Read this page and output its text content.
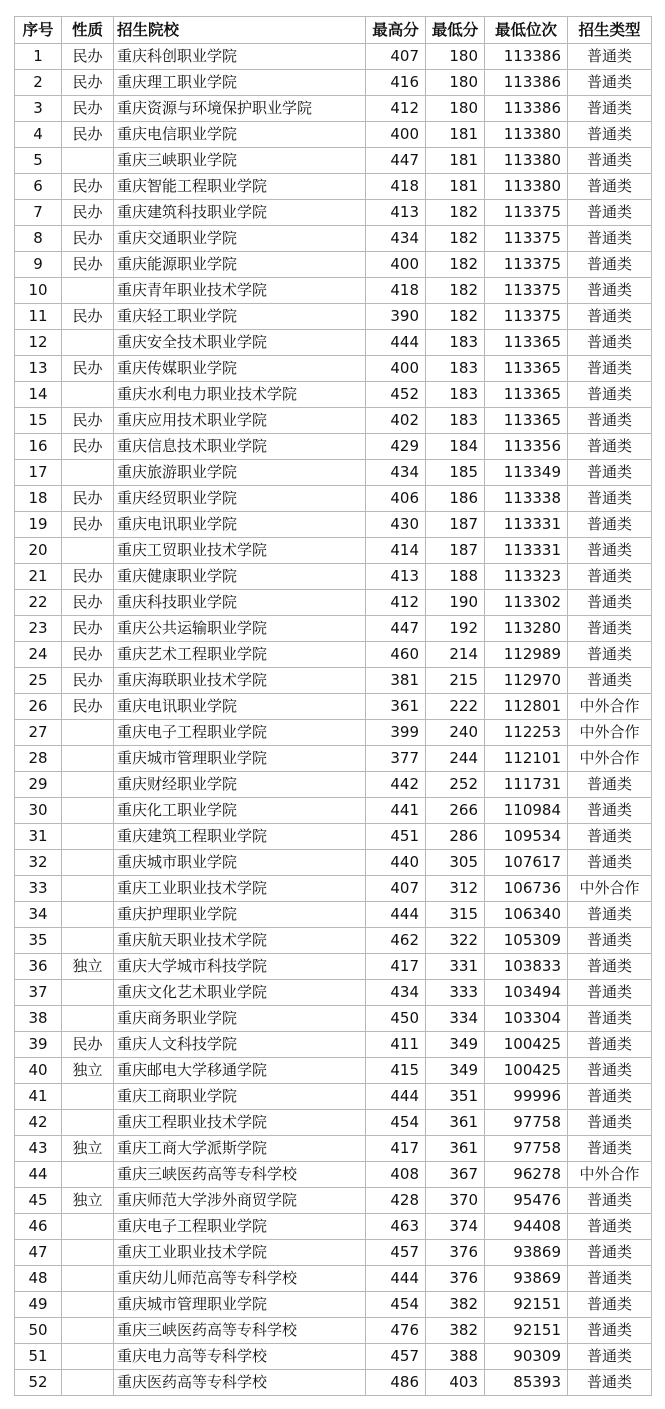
序号	性质	招生院校	最高分	最低分	最低位次	招生类型
1	民办	重庆科创职业学院	407	180	113386	普通类
2	民办	重庆理工职业学院	416	180	113386	普通类
3	民办	重庆资源与环境保护职业学院	412	180	113386	普通类
4	民办	重庆电信职业学院	400	181	113380	普通类
5		重庆三峡职业学院	447	181	113380	普通类
6	民办	重庆智能工程职业学院	418	181	113380	普通类
7	民办	重庆建筑科技职业学院	413	182	113375	普通类
8	民办	重庆交通职业学院	434	182	113375	普通类
9	民办	重庆能源职业学院	400	182	113375	普通类
10		重庆青年职业技术学院	418	182	113375	普通类
11	民办	重庆轻工职业学院	390	182	113375	普通类
12		重庆安全技术职业学院	444	183	113365	普通类
13	民办	重庆传媒职业学院	400	183	113365	普通类
14		重庆水利电力职业技术学院	452	183	113365	普通类
15	民办	重庆应用技术职业学院	402	183	113365	普通类
16	民办	重庆信息技术职业学院	429	184	113356	普通类
17		重庆旅游职业学院	434	185	113349	普通类
18	民办	重庆经贸职业学院	406	186	113338	普通类
19	民办	重庆电讯职业学院	430	187	113331	普通类
20		重庆工贸职业技术学院	414	187	113331	普通类
21	民办	重庆健康职业学院	413	188	113323	普通类
22	民办	重庆科技职业学院	412	190	113302	普通类
23	民办	重庆公共运输职业学院	447	192	113280	普通类
24	民办	重庆艺术工程职业学院	460	214	112989	普通类
25	民办	重庆海联职业技术学院	381	215	112970	普通类
26	民办	重庆电讯职业学院	361	222	112801	中外合作
27		重庆电子工程职业学院	399	240	112253	中外合作
28		重庆城市管理职业学院	377	244	112101	中外合作
29		重庆财经职业学院	442	252	111731	普通类
30		重庆化工职业学院	441	266	110984	普通类
31		重庆建筑工程职业学院	451	286	109534	普通类
32		重庆城市职业学院	440	305	107617	普通类
33		重庆工业职业技术学院	407	312	106736	中外合作
34		重庆护理职业学院	444	315	106340	普通类
35		重庆航天职业技术学院	462	322	105309	普通类
36	独立	重庆大学城市科技学院	417	331	103833	普通类
37		重庆文化艺术职业学院	434	333	103494	普通类
38		重庆商务职业学院	450	334	103304	普通类
39	民办	重庆人文科技学院	411	349	100425	普通类
40	独立	重庆邮电大学移通学院	415	349	100425	普通类
41		重庆工商职业学院	444	351	99996	普通类
42		重庆工程职业技术学院	454	361	97758	普通类
43	独立	重庆工商大学派斯学院	417	361	97758	普通类
44		重庆三峡医药高等专科学校	408	367	96278	中外合作
45	独立	重庆师范大学涉外商贸学院	428	370	95476	普通类
46		重庆电子工程职业学院	463	374	94408	普通类
47		重庆工业职业技术学院	457	376	93869	普通类
48		重庆幼儿师范高等专科学校	444	376	93869	普通类
49		重庆城市管理职业学院	454	382	92151	普通类
50		重庆三峡医药高等专科学校	476	382	92151	普通类
51		重庆电力高等专科学校	457	388	90309	普通类
52		重庆医药高等专科学校	486	403	85393	普通类
